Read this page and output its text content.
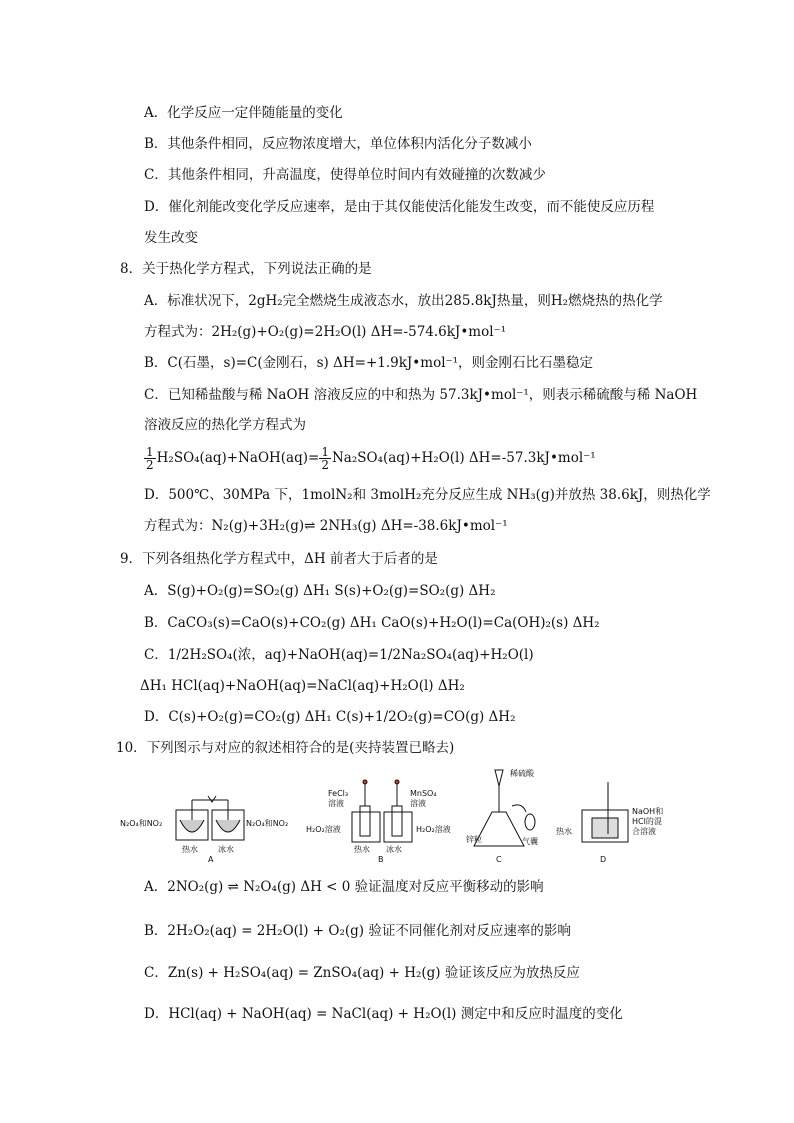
A．化学反应一定伴随能量的变化
B．其他条件相同，反应物浓度增大，单位体积内活化分子数减小
C．其他条件相同，升高温度，使得单位时间内有效碰撞的次数减少
D．催化剂能改变化学反应速率，是由于其仅能使活化能发生改变，而不能使反应历程
发生改变
8．关于热化学方程式，下列说法正确的是
A．标准状况下，2gH₂完全燃烧生成液态水，放出285.8kJ热量，则H₂燃烧热的热化学
方程式为：2H₂(g)+O₂(g)=2H₂O(l) ΔH=-574.6kJ•mol⁻¹
B．C(石墨，s)=C(金刚石，s) ΔH=+1.9kJ•mol⁻¹，则金刚石比石墨稳定
C．已知稀盐酸与稀 NaOH 溶液反应的中和热为 57.3kJ•mol⁻¹，则表示稀硫酸与稀 NaOH
溶液反应的热化学方程式为
$\frac{1}{2}$ H₂SO₄(aq)+NaOH(aq)= $\frac{1}{2} Na_2SO_4(aq)+H_2O(l)$ ΔH=-57.3kJ•mol⁻¹
D．500℃、30MPa 下，1molN₂和 3molH₂充分反应生成 NH₃(g)并放热 38.6kJ，则热化学
方程式为：N₂(g)+3H₂(g)⇌ 2NH₃(g) ΔH=-38.6kJ•mol⁻¹
9．下列各组热化学方程式中，ΔH 前者大于后者的是
A．S(g)+O₂(g)=SO₂(g) ΔH₁ S(s)+O₂(g)=SO₂(g) ΔH₂
B．CaCO₃(s)=CaO(s)+CO₂(g) ΔH₁ CaO(s)+H₂O(l)=Ca(OH)₂(s) ΔH₂
C．1/2H₂SO₄(浓，aq)+NaOH(aq)=1/2Na₂SO₄(aq)+H₂O(l)
ΔH₁ HCl(aq)+NaOH(aq)=NaCl(aq)+H₂O(l) ΔH₂
D．C(s)+O₂(g)=CO₂(g) ΔH₁ C(s)+1/2O₂(g)=CO(g) ΔH₂
10．下列图示与对应的叙述相符合的是(夹持装置已略去)
N₂O₄和NO₂	N₂O₄和NO₂
热水	冰水
A
FeCl₃
溶液
MnSO₄
溶液
H₂O₂溶液	H₂O₂溶液
热水 冰水
B
稀硫酸
锌粒	气囊
C
NaOH和
HCl的混
合溶液
热水
D
A．2NO₂(g) ⇌ N₂O₄(g) ΔH < 0 验证温度对反应平衡移动的影响
B．2H₂O₂(aq) = 2H₂O(l) + O₂(g) 验证不同催化剂对反应速率的影响
C．Zn(s) + H₂SO₄(aq) = ZnSO₄(aq) + H₂(g) 验证该反应为放热反应
D．HCl(aq) + NaOH(aq) = NaCl(aq) + H₂O(l) 测定中和反应时温度的变化
